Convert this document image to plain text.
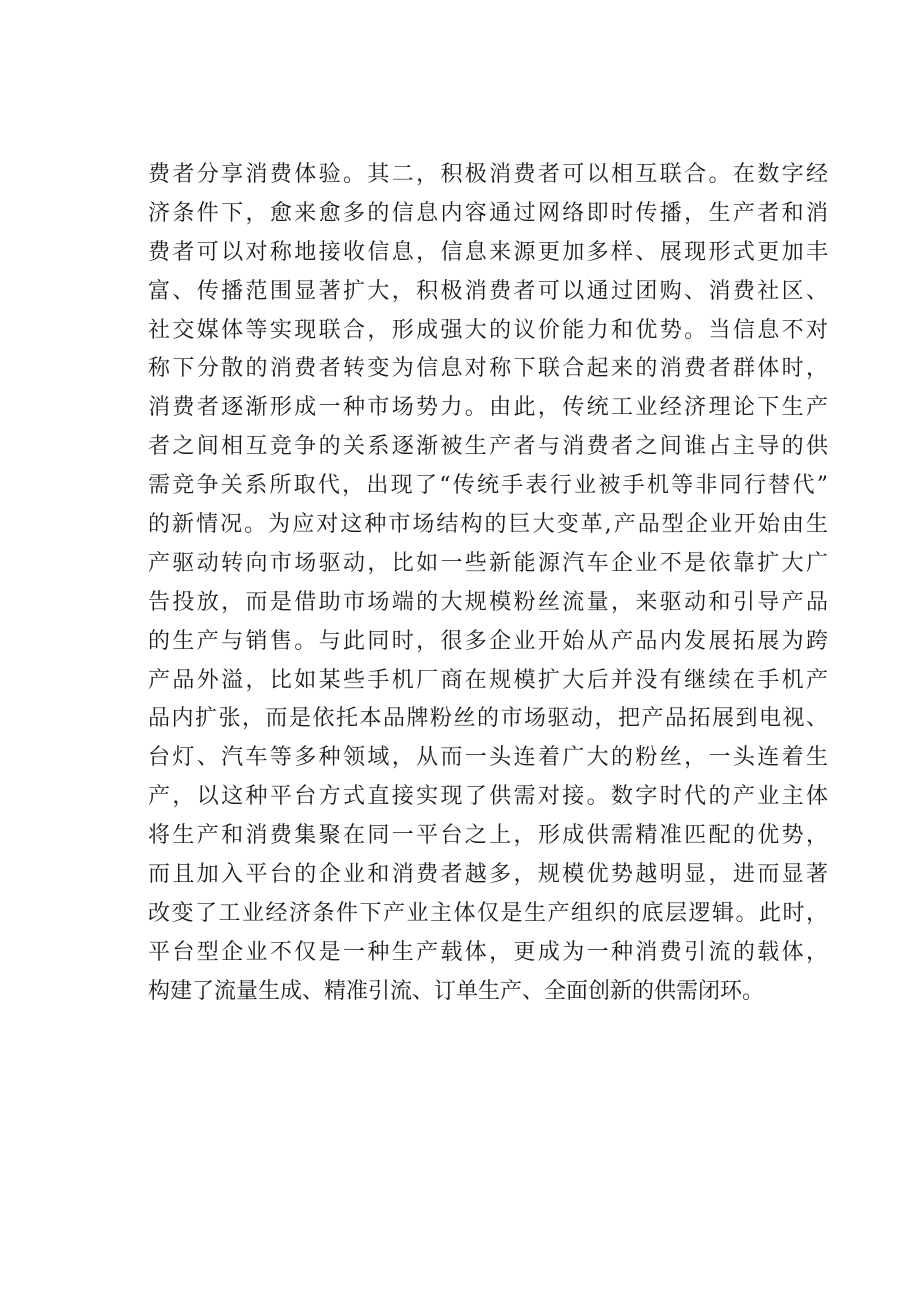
费者分享消费体验。其二，积极消费者可以相互联合。在数字经
济条件下，愈来愈多的信息内容通过网络即时传播，生产者和消
费者可以对称地接收信息，信息来源更加多样、展现形式更加丰
富、传播范围显著扩大，积极消费者可以通过团购、消费社区、
社交媒体等实现联合，形成强大的议价能力和优势。当信息不对
称下分散的消费者转变为信息对称下联合起来的消费者群体时，
消费者逐渐形成一种市场势力。由此，传统工业经济理论下生产
者之间相互竞争的关系逐渐被生产者与消费者之间谁占主导的供
需竞争关系所取代，出现了“传统手表行业被手机等非同行替代”
的新情况。为应对这种市场结构的巨大变革,产品型企业开始由生
产驱动转向市场驱动，比如一些新能源汽车企业不是依靠扩大广
告投放，而是借助市场端的大规模粉丝流量，来驱动和引导产品
的生产与销售。与此同时，很多企业开始从产品内发展拓展为跨
产品外溢，比如某些手机厂商在规模扩大后并没有继续在手机产
品内扩张，而是依托本品牌粉丝的市场驱动，把产品拓展到电视、
台灯、汽车等多种领域，从而一头连着广大的粉丝，一头连着生
产，以这种平台方式直接实现了供需对接。数字时代的产业主体
将生产和消费集聚在同一平台之上，形成供需精准匹配的优势，
而且加入平台的企业和消费者越多，规模优势越明显，进而显著
改变了工业经济条件下产业主体仅是生产组织的底层逻辑。此时，
平台型企业不仅是一种生产载体，更成为一种消费引流的载体，
构建了流量生成、精准引流、订单生产、全面创新的供需闭环。
